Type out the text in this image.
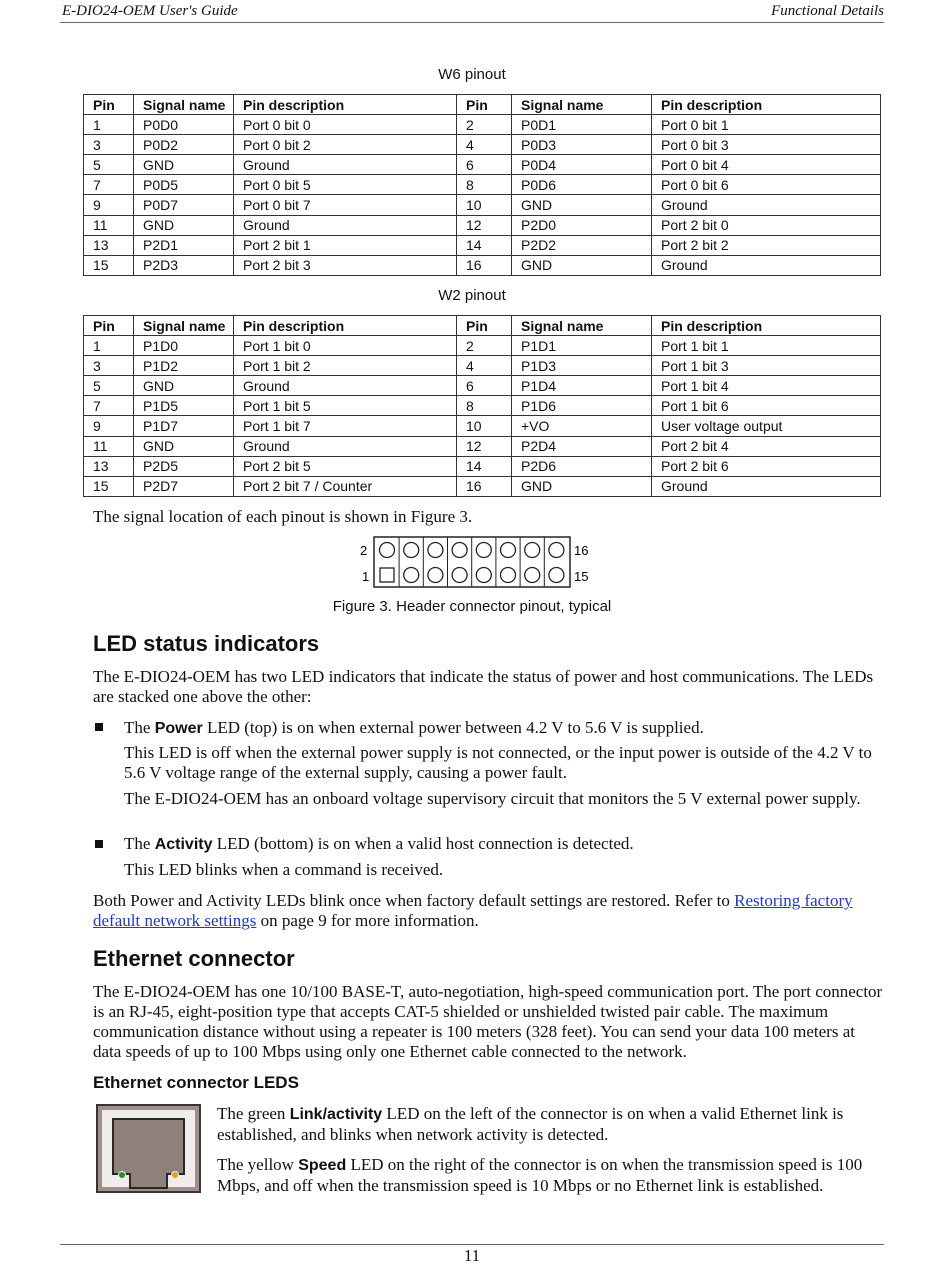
E-DIO24-OEM User's Guide	Functional Details
W6 pinout
Pin	Signal name	Pin description	Pin	Signal name	Pin description
1	P0D0	Port 0 bit 0	2	P0D1	Port 0 bit 1
3	P0D2	Port 0 bit 2	4	P0D3	Port 0 bit 3
5	GND	Ground	6	P0D4	Port 0 bit 4
7	P0D5	Port 0 bit 5	8	P0D6	Port 0 bit 6
9	P0D7	Port 0 bit 7	10	GND	Ground
11	GND	Ground	12	P2D0	Port 2 bit 0
13	P2D1	Port 2 bit 1	14	P2D2	Port 2 bit 2
15	P2D3	Port 2 bit 3	16	GND	Ground
W2 pinout
Pin	Signal name	Pin description	Pin	Signal name	Pin description
1	P1D0	Port 1 bit 0	2	P1D1	Port 1 bit 1
3	P1D2	Port 1 bit 2	4	P1D3	Port 1 bit 3
5	GND	Ground	6	P1D4	Port 1 bit 4
7	P1D5	Port 1 bit 5	8	P1D6	Port 1 bit 6
9	P1D7	Port 1 bit 7	10	+VO	User voltage output
11	GND	Ground	12	P2D4	Port 2 bit 4
13	P2D5	Port 2 bit 5	14	P2D6	Port 2 bit 6
15	P2D7	Port 2 bit 7 / Counter	16	GND	Ground
The signal location of each pinout is shown in Figure 3.
2
1
16
15
Figure 3. Header connector pinout, typical
LED status indicators
The E-DIO24-OEM has two LED indicators that indicate the status of power and host communications. The LEDs are stacked one above the other:
The Power LED (top) is on when external power between 4.2 V to 5.6 V is supplied.
This LED is off when the external power supply is not connected, or the input power is outside of the 4.2 V to 5.6 V voltage range of the external supply, causing a power fault.
The E-DIO24-OEM has an onboard voltage supervisory circuit that monitors the 5 V external power supply.
The Activity LED (bottom) is on when a valid host connection is detected.
This LED blinks when a command is received.
Both Power and Activity LEDs blink once when factory default settings are restored. Refer to Restoring factory default network settings on page 9 for more information.
Ethernet connector
The E-DIO24-OEM has one 10/100 BASE-T, auto-negotiation, high-speed communication port. The port connector is an RJ-45, eight-position type that accepts CAT-5 shielded or unshielded twisted pair cable. The maximum communication distance without using a repeater is 100 meters (328 feet). You can send your data 100 meters at data speeds of up to 100 Mbps using only one Ethernet cable connected to the network.
Ethernet connector LEDS
The green Link/activity LED on the left of the connector is on when a valid Ethernet link is established, and blinks when network activity is detected.
The yellow Speed LED on the right of the connector is on when the transmission speed is 100 Mbps, and off when the transmission speed is 10 Mbps or no Ethernet link is established.
11
